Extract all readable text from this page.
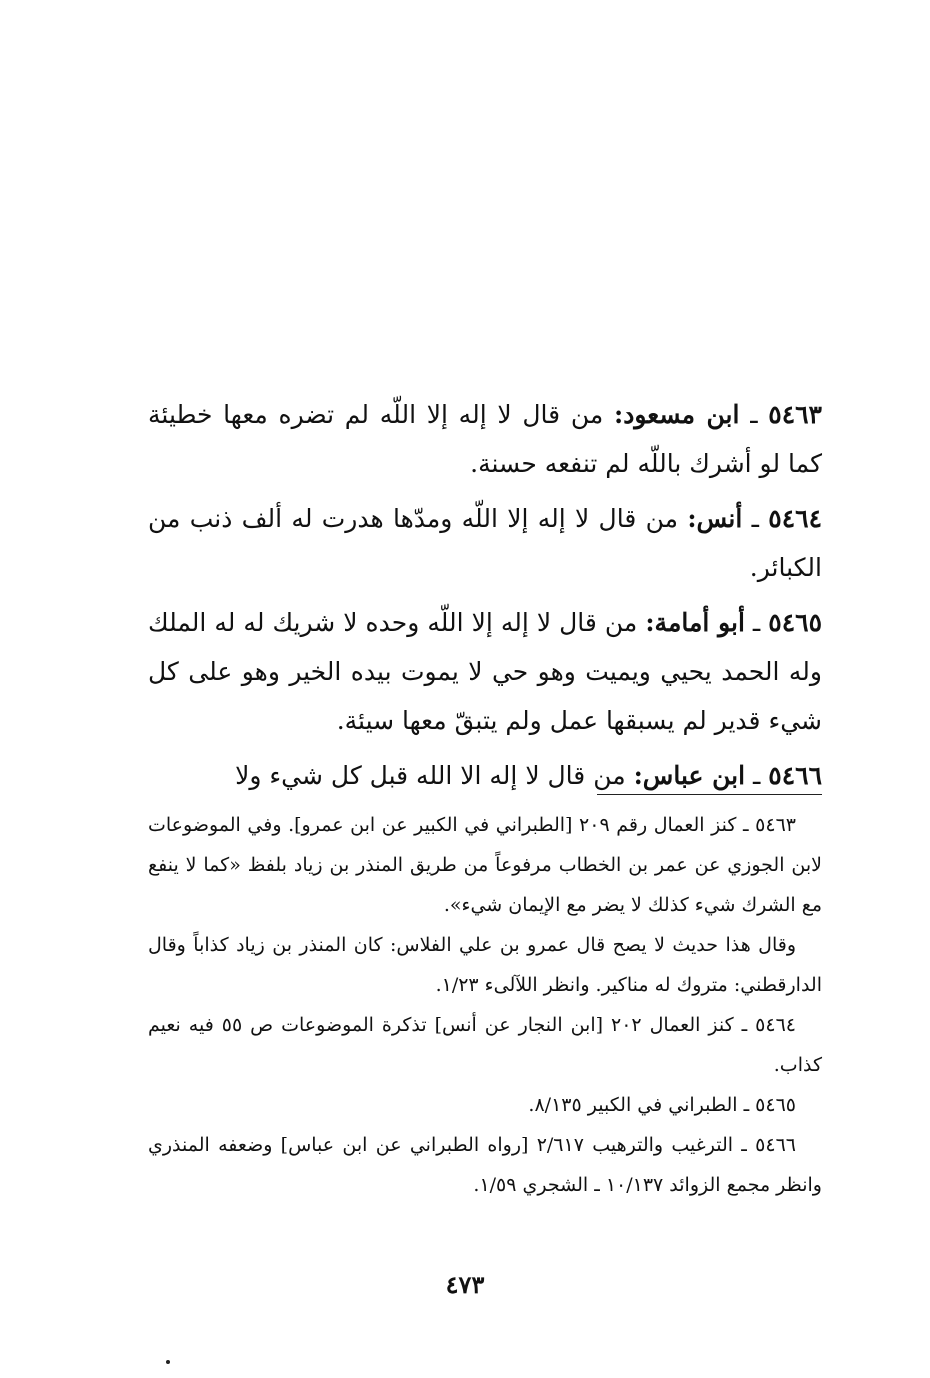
٥٤٦٣ ـ ابن مسعود: من قال لا إله إلا اللّه لم تضره معها خطيئة كما لو أشرك باللّه لم تنفعه حسنة.

٥٤٦٤ ـ أنس: من قال لا إله إلا اللّه ومدّها هدرت له ألف ذنب من الكبائر.

٥٤٦٥ ـ أبو أمامة: من قال لا إله إلا اللّه وحده لا شريك له له الملك وله الحمد يحيي ويميت وهو حي لا يموت بيده الخير وهو على كل شيء قدير لم يسبقها عمل ولم يتبقّ معها سيئة.

٥٤٦٦ ـ ابن عباس: من قال لا إله الا الله قبل كل شيء ولا

٥٤٦٣ ـ كنز العمال رقم ٢٠٩ [الطبراني في الكبير عن ابن عمرو]. وفي الموضوعات لابن الجوزي عن عمر بن الخطاب مرفوعاً من طريق المنذر بن زياد بلفظ «كما لا ينفع مع الشرك شيء كذلك لا يضر مع الإيمان شيء».

وقال هذا حديث لا يصح قال عمرو بن علي الفلاس: كان المنذر بن زياد كذاباً وقال الدارقطني: متروك له مناكير. وانظر اللآلىء ١/٢٣.

٥٤٦٤ ـ كنز العمال ٢٠٢ [ابن النجار عن أنس] تذكرة الموضوعات ص ٥٥ فيه نعيم كذاب.

٥٤٦٥ ـ الطبراني في الكبير ٨/١٣٥.

٥٤٦٦ ـ الترغيب والترهيب ٢/٦١٧ [رواه الطبراني عن ابن عباس] وضعفه المنذري وانظر مجمع الزوائد ١٠/١٣٧ ـ الشجري ١/٥٩.

٤٧٣
